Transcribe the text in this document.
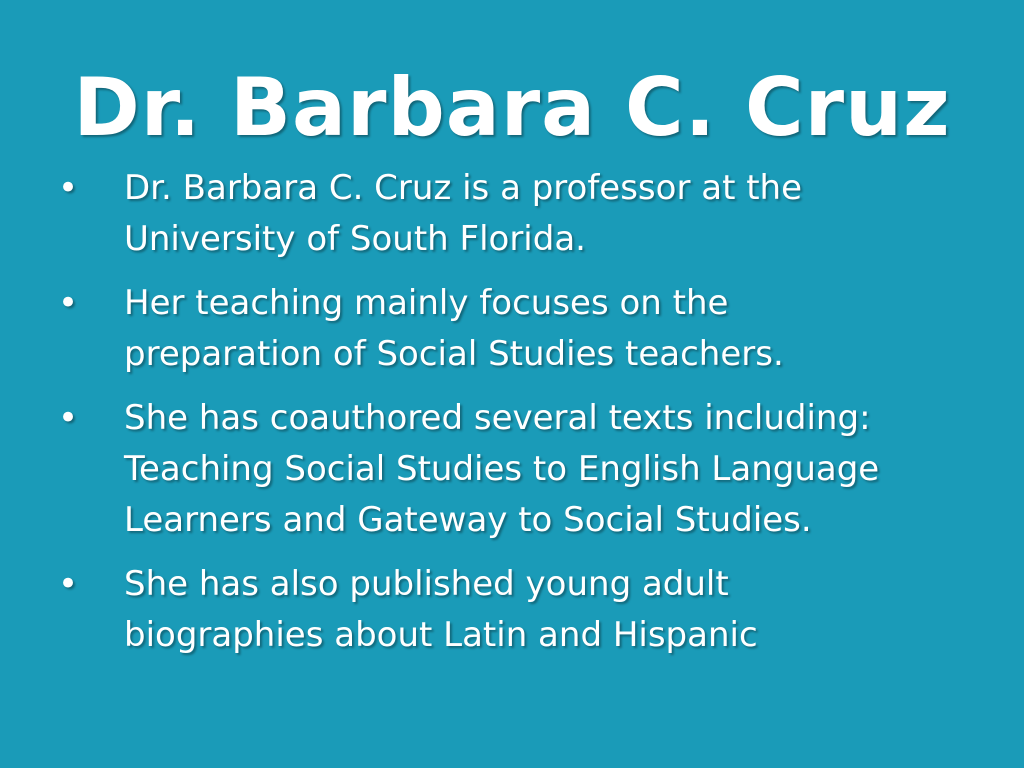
Dr. Barbara C. Cruz
• Dr. Barbara C. Cruz is a professor at the University of South Florida.
• Her teaching mainly focuses on the preparation of Social Studies teachers.
• She has coauthored several texts including: Teaching Social Studies to English Language Learners and Gateway to Social Studies.
• She has also published young adult biographies about Latin and Hispanic
